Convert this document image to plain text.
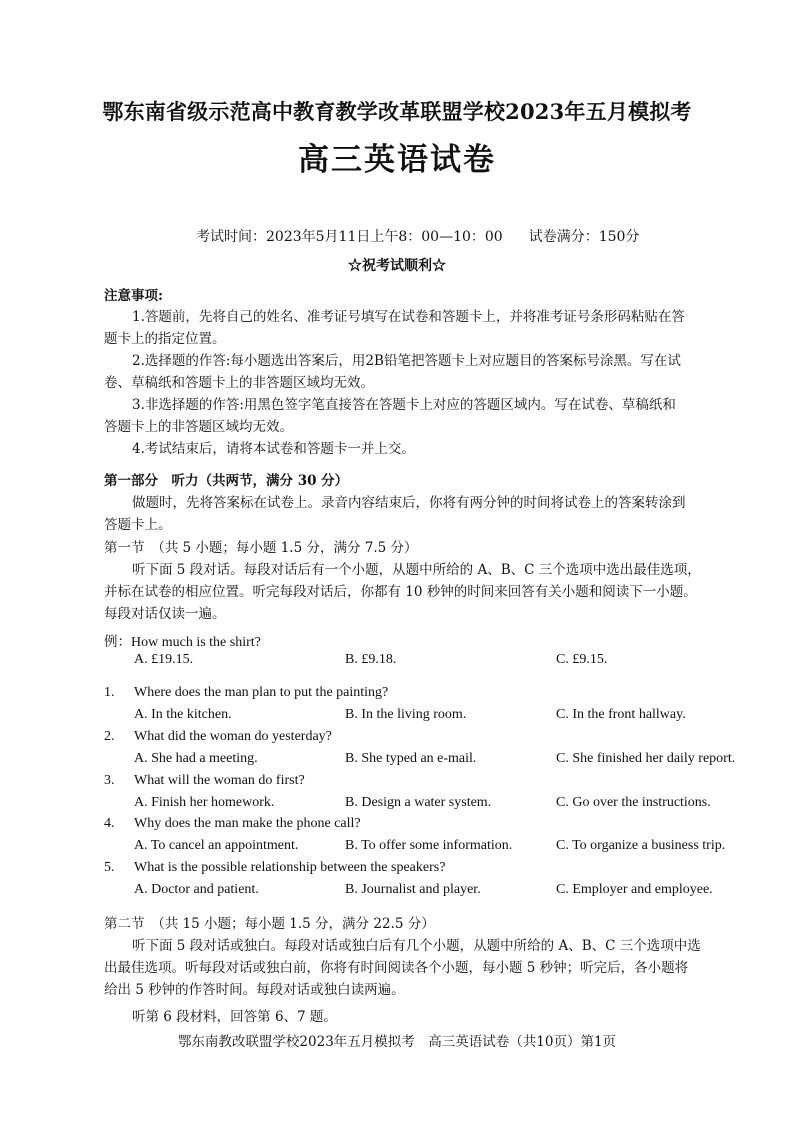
鄂东南省级示范高中教育教学改革联盟学校2023年五月模拟考
高三英语试卷
考试时间：2023年5月11日上午8：00—10：00 试卷满分：150分
☆祝考试顺利☆
注意事项:
1.答题前，先将自己的姓名、准考证号填写在试卷和答题卡上，并将准考证号条形码粘贴在答
题卡上的指定位置。
2.选择题的作答:每小题选出答案后，用2B铅笔把答题卡上对应题目的答案标号涂黑。写在试
卷、草稿纸和答题卡上的非答题区域均无效。
3.非选择题的作答:用黑色签字笔直接答在答题卡上对应的答题区域内。写在试卷、草稿纸和
答题卡上的非答题区域均无效。
4.考试结束后，请将本试卷和答题卡一并上交。
第一部分　听力（共两节，满分 30 分）
做题时，先将答案标在试卷上。录音内容结束后，你将有两分钟的时间将试卷上的答案转涂到
答题卡上。
第一节　（共 5 小题；每小题 1.5 分，满分 7.5 分）
听下面 5 段对话。每段对话后有一个小题，从题中所给的 A、B、C 三个选项中选出最佳选项，
并标在试卷的相应位置。听完每段对话后，你都有 10 秒钟的时间来回答有关小题和阅读下一小题。
每段对话仅读一遍。
例：How much is the shirt?
A. £19.15.	B. £9.18.	C. £9.15.
1. Where does the man plan to put the painting?
A. In the kitchen.	B. In the living room.	C. In the front hallway.
2. What did the woman do yesterday?
A. She had a meeting.	B. She typed an e-mail.	C. She finished her daily report.
3. What will the woman do first?
A. Finish her homework.	B. Design a water system.	C. Go over the instructions.
4. Why does the man make the phone call?
A. To cancel an appointment.	B. To offer some information.	C. To organize a business trip.
5. What is the possible relationship between the speakers?
A. Doctor and patient.	B. Journalist and player.	C. Employer and employee.
第二节　（共 15 小题；每小题 1.5 分，满分 22.5 分）
听下面 5 段对话或独白。每段对话或独白后有几个小题，从题中所给的 A、B、C 三个选项中选
出最佳选项。听每段对话或独白前，你将有时间阅读各个小题，每小题 5 秒钟；听完后，各小题将
给出 5 秒钟的作答时间。每段对话或独白读两遍。
听第 6 段材料，回答第 6、7 题。
鄂东南教改联盟学校2023年五月模拟考　高三英语试卷（共10页）第1页
